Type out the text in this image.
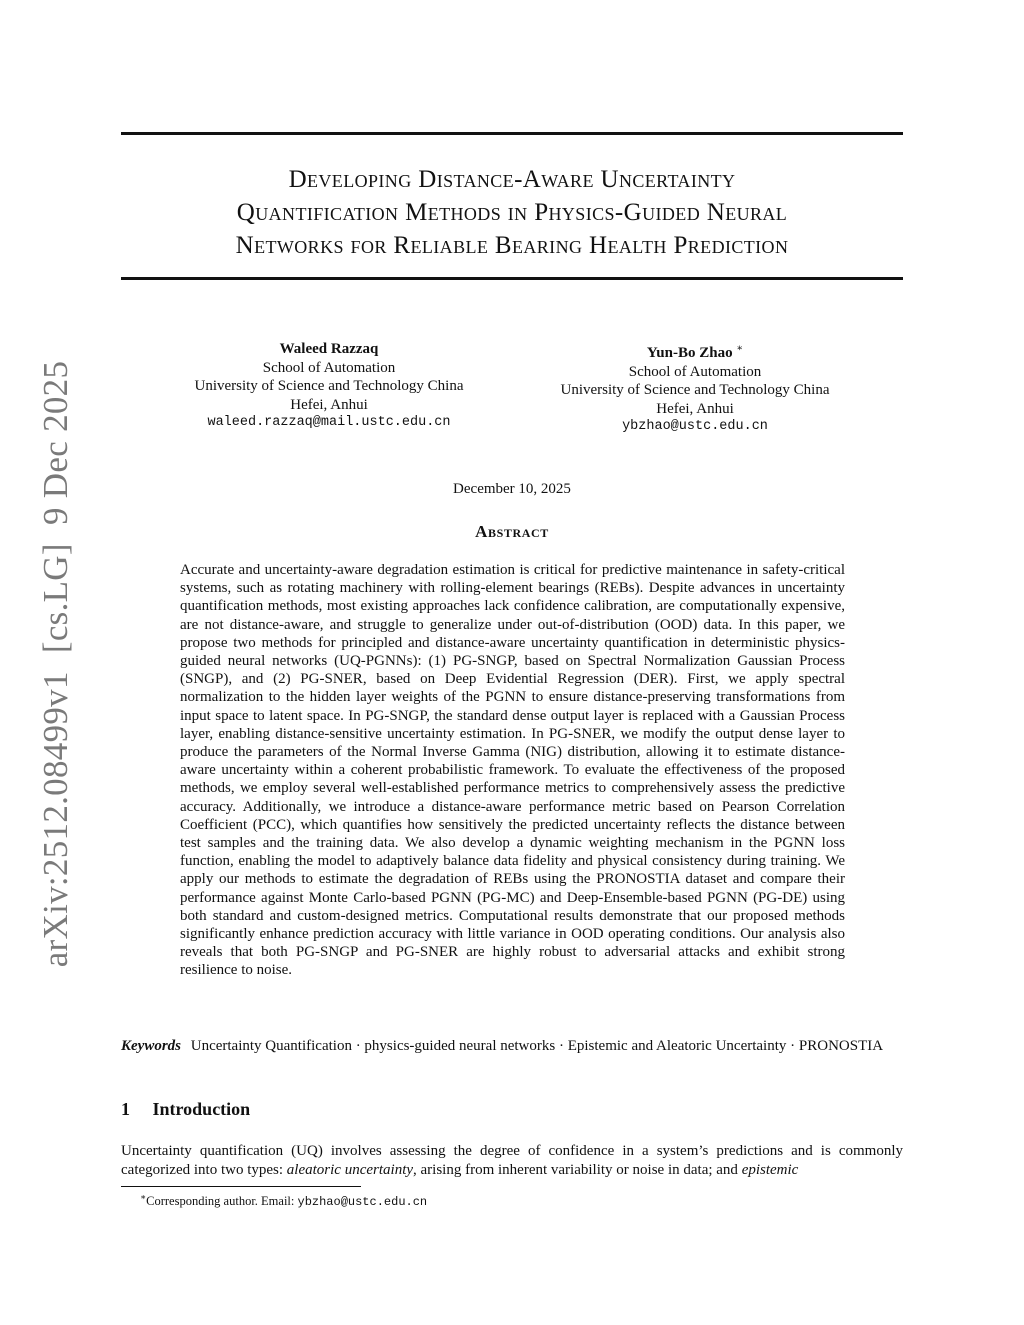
Developing Distance-Aware Uncertainty
Quantification Methods in Physics-Guided Neural
Networks for Reliable Bearing Health Prediction
Waleed Razzaq
School of Automation
University of Science and Technology China
Hefei, Anhui
waleed.razzaq@mail.ustc.edu.cn
Yun-Bo Zhao ∗
School of Automation
University of Science and Technology China
Hefei, Anhui
ybzhao@ustc.edu.cn
December 10, 2025
Abstract

Accurate and uncertainty-aware degradation estimation is critical for predictive maintenance in safety-critical systems, such as rotating machinery with rolling-element bearings (REBs). Despite advances in uncertainty quantification methods, most existing approaches lack confidence calibration, are computationally expensive, are not distance-aware, and struggle to generalize under out-of-distribution (OOD) data. In this paper, we propose two methods for principled and distance-aware uncertainty quantification in deterministic physics-guided neural networks (UQ-PGNNs): (1) PG-SNGP, based on Spectral Normalization Gaussian Process (SNGP), and (2) PG-SNER, based on Deep Evidential Regression (DER). First, we apply spectral normalization to the hidden layer weights of the PGNN to ensure distance-preserving transformations from input space to latent space. In PG-SNGP, the standard dense output layer is replaced with a Gaussian Process layer, enabling distance-sensitive uncertainty estimation. In PG-SNER, we modify the output dense layer to produce the parameters of the Normal Inverse Gamma (NIG) distribution, allowing it to estimate distance-aware uncertainty within a coherent probabilistic framework. To evaluate the effectiveness of the proposed methods, we employ several well-established performance metrics to comprehensively assess the predictive accuracy. Additionally, we introduce a distance-aware performance metric based on Pearson Correlation Coefficient (PCC), which quantifies how sensitively the predicted uncertainty reflects the distance between test samples and the training data. We also develop a dynamic weighting mechanism in the PGNN loss function, enabling the model to adaptively balance data fidelity and physical consistency during training. We apply our methods to estimate the degradation of REBs using the PRONOSTIA dataset and compare their performance against Monte Carlo-based PGNN (PG-MC) and Deep-Ensemble-based PGNN (PG-DE) using both standard and custom-designed metrics. Computational results demonstrate that our proposed methods significantly enhance prediction accuracy with little variance in OOD operating conditions. Our analysis also reveals that both PG-SNGP and PG-SNER are highly robust to adversarial attacks and exhibit strong resilience to noise.

Keywords Uncertainty Quantification · physics-guided neural networks · Epistemic and Aleatoric Uncertainty · PRONOSTIA

1 Introduction

Uncertainty quantification (UQ) involves assessing the degree of confidence in a system’s predictions and is commonly categorized into two types: aleatoric uncertainty, arising from inherent variability or noise in data; and epistemic

∗Corresponding author. Email: ybzhao@ustc.edu.cn

arXiv:2512.08499v1  [cs.LG]  9 Dec 2025
